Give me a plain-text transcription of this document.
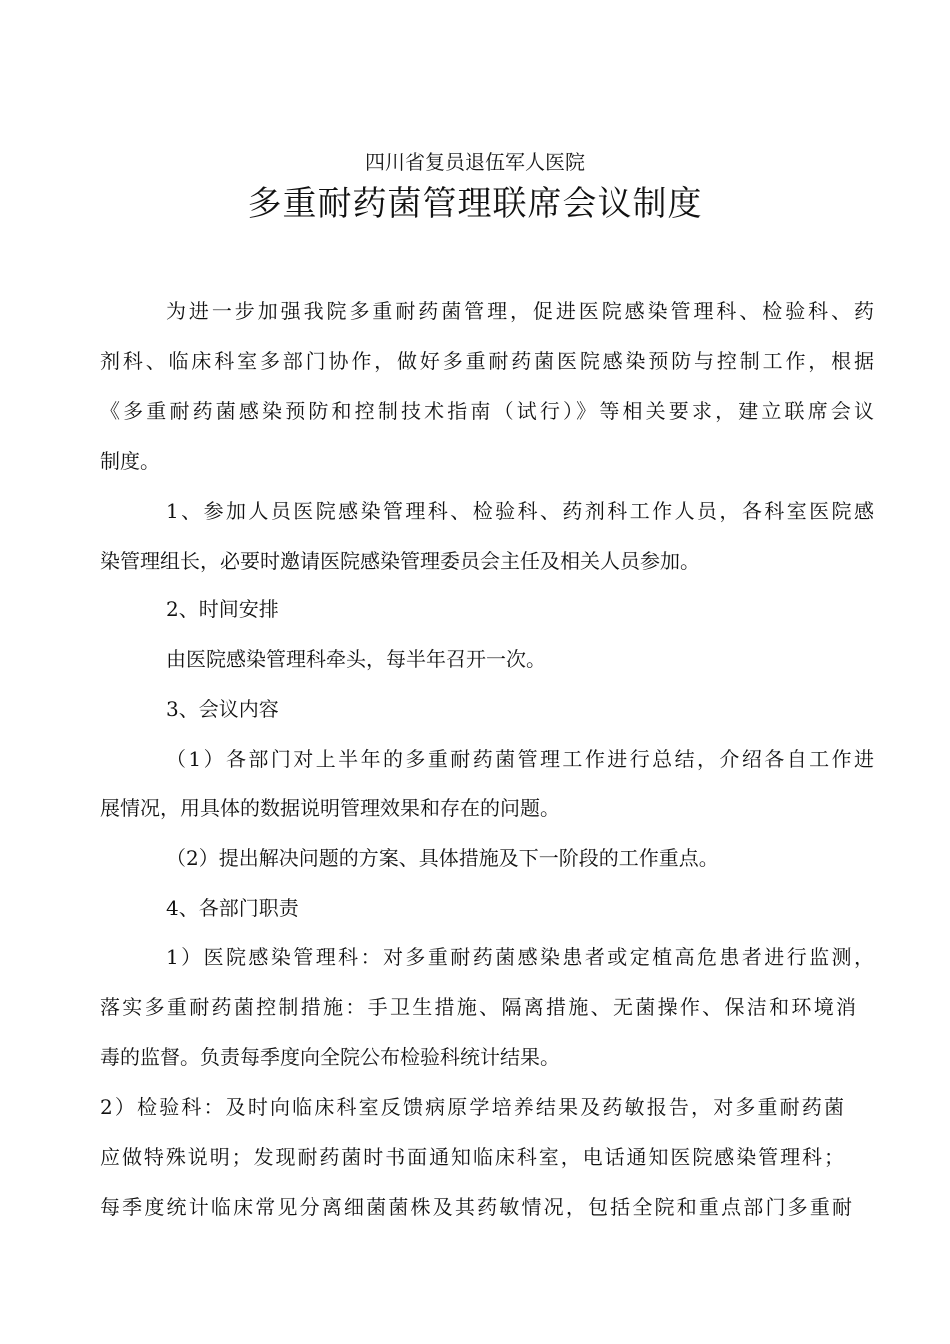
四川省复员退伍军人医院
多重耐药菌管理联席会议制度
为进一步加强我院多重耐药菌管理，促进医院感染管理科、检验科、药
剂科、临床科室多部门协作，做好多重耐药菌医院感染预防与控制工作，根据
《多重耐药菌感染预防和控制技术指南（试行）》等相关要求，建立联席会议
制度。
1、参加人员医院感染管理科、检验科、药剂科工作人员，各科室医院感
染管理组长，必要时邀请医院感染管理委员会主任及相关人员参加。
2、时间安排
由医院感染管理科牵头，每半年召开一次。
3、会议内容
（1）各部门对上半年的多重耐药菌管理工作进行总结，介绍各自工作进
展情况，用具体的数据说明管理效果和存在的问题。
（2）提出解决问题的方案、具体措施及下一阶段的工作重点。
4、各部门职责
1）医院感染管理科：对多重耐药菌感染患者或定植高危患者进行监测，
落实多重耐药菌控制措施：手卫生措施、隔离措施、无菌操作、保洁和环境消
毒的监督。负责每季度向全院公布检验科统计结果。
2）检验科：及时向临床科室反馈病原学培养结果及药敏报告，对多重耐药菌
应做特殊说明；发现耐药菌时书面通知临床科室，电话通知医院感染管理科；
每季度统计临床常见分离细菌菌株及其药敏情况，包括全院和重点部门多重耐
